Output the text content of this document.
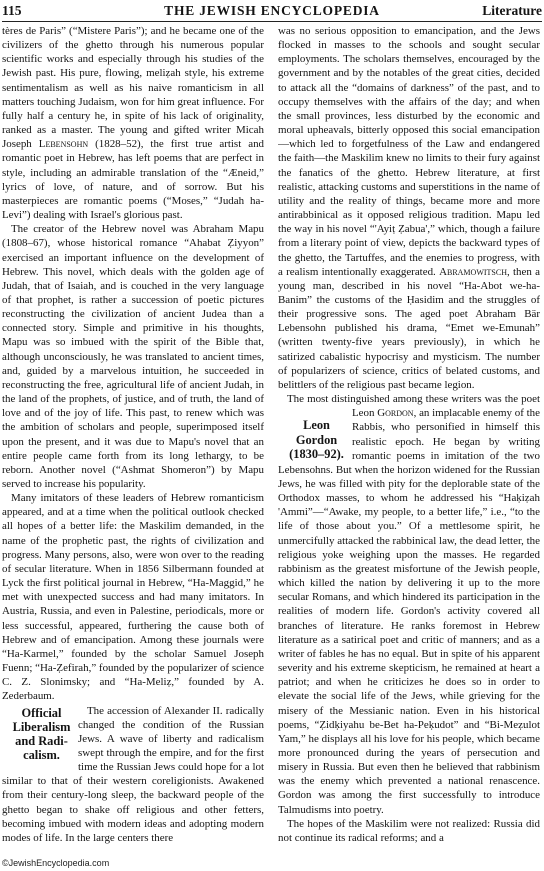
115	THE JEWISH ENCYCLOPEDIA	Literature

tères de Paris” (“Mistere Paris”); and he became one of the civilizers of the ghetto through his numerous popular scientific works and especially through his studies of the Jewish past. His pure, flowing, meliẓah style, his extreme sentimentalism as well as his naive romanticism in all matters touching Judaism, won for him great influence. For fully half a century he, in spite of his lack of originality, ranked as a master. The young and gifted writer Micah Joseph Lebensohn (1828–52), the first true artist and romantic poet in Hebrew, has left poems that are perfect in style, including an admirable translation of the “Æneid,” lyrics of love, of nature, and of sorrow. But his masterpieces are romantic poems (“Moses,” “Judah ha-Levi”) dealing with Israel's glorious past.

The creator of the Hebrew novel was Abraham Mapu (1808–67), whose historical romance “Ahabat Ẓiyyon” exercised an important influence on the development of Hebrew. This novel, which deals with the golden age of Judah, that of Isaiah, and is couched in the very language of that prophet, is rather a succession of poetic pictures reconstructing the civilization of ancient Judea than a connected story. Simple and primitive in his thoughts, Mapu was so imbued with the spirit of the Bible that, although unconsciously, he was translated to ancient times, and, guided by a marvelous intuition, he succeeded in reconstructing the free, agricultural life of ancient Judah, in the land of the prophets, of justice, and of truth, the land of love and of the joy of life. This past, to renew which was the ambition of scholars and people, superimposed itself upon the present, and it was due to Mapu's novel that an entire people came forth from its long lethargy, to be reborn. Another novel (“Ashmat Shomeron”) by Mapu served to increase his popularity.

Many imitators of these leaders of Hebrew romanticism appeared, and at a time when the political outlook checked all hopes of a better life: the Maskilim demanded, in the name of the prophetic past, the rights of civilization and progress. Many persons, also, were won over to the reading of secular literature. When in 1856 Silbermann founded at Lyck the first political journal in Hebrew, “Ha-Maggid,” he met with unexpected success and had many imitators. In Austria, Russia, and even in Palestine, periodicals, more or less successful, appeared, furthering the cause both of Hebrew and of emancipation. Among these journals were “Ha-Karmel,” founded by the scholar Samuel Joseph Fuenn; “Ha-Ẓefirah,” founded by the popularizer of science C. Z. Slonimsky; and “Ha-Meliẓ,” founded by A. Zederbaum.

Official
Liberalism
and Radi-
calism.
The accession of Alexander II. radically changed the condition of the Russian Jews. A wave of liberty and radicalism swept through the empire, and for the first time the Russian Jews could hope for a lot similar to that of their western coreligionists. Awakened from their century-long sleep, the backward people of the ghetto began to shake off religious and other fetters, becoming imbued with modern ideas and adopting modern modes of life. In the large centers there

was no serious opposition to emancipation, and the Jews flocked in masses to the schools and sought secular employments. The scholars themselves, encouraged by the government and by the notables of the great cities, decided to attack all the “domains of darkness” of the past, and to occupy themselves with the affairs of the day; and when the small provinces, less disturbed by the economic and moral upheavals, bitterly opposed this social emancipation—which led to forgetfulness of the Law and endangered the faith—the Maskilim knew no limits to their fury against the fanatics of the ghetto. Hebrew literature, at first realistic, attacking customs and superstitions in the name of utility and the reality of things, became more and more antirabbinical as it opposed religious tradition. Mapu led the way in his novel “'Ayiṭ Ẓabua',” which, though a failure from a literary point of view, depicts the backward types of the ghetto, the Tartuffes, and the enemies to progress, with a realism intentionally exaggerated. Abramowitsch, then a young man, described in his novel “Ha-Abot we-ha-Banim” the customs of the Ḥasidim and the struggles of their progressive sons. The aged poet Abraham Bär Lebensohn published his drama, “Emet we-Emunah” (written twenty-five years previously), in which he satirized cabalistic hypocrisy and mysticism. The number of popularizers of science, critics of belated customs, and belittlers of the religious past became legion.

The most distinguished among these writers was the poet Leon Gordon
Leon
Gordon
(1830–92).
, an implacable enemy of the Rabbis, who personified in himself this realistic epoch. He began by writing romantic poems in imitation of the two Lebensohns. But when the horizon widened for the Russian Jews, he was filled with pity for the deplorable state of the Orthodox masses, to whom he addressed his “Haḳiẓah 'Ammi”—“Awake, my people, to a better life,” i.e., “to the life of those about you.” Of a mettlesome spirit, he unmercifully attacked the rabbinical law, the dead letter, the religious yoke weighing upon the masses. He regarded rabbinism as the greatest misfortune of the Jewish people, which killed the nation by delivering it up to the more secular Romans, and which hindered its participation in the realities of modern life. Gordon's activity covered all branches of literature. He ranks foremost in Hebrew literature as a satirical poet and critic of manners; and as a writer of fables he has no equal. But in spite of his apparent severity and his extreme skepticism, he remained at heart a patriot; and when he criticizes he does so in order to elevate the social life of the Jews, while grieving for the misery of the Messianic nation. Even in his historical poems, “Ẓidḳiyahu be-Bet ha-Peḳudot” and “Bi-Meẓulot Yam,” he displays all his love for his people, which became more pronounced during the years of persecution and misery in Russia. But even then he believed that rabbinism was the enemy which prevented a national renascence. Gordon was among the first successfully to introduce Talmudisms into poetry.

The hopes of the Maskilim were not realized: Russia did not continue its radical reforms; and a

©JewishEncyclopedia.com
